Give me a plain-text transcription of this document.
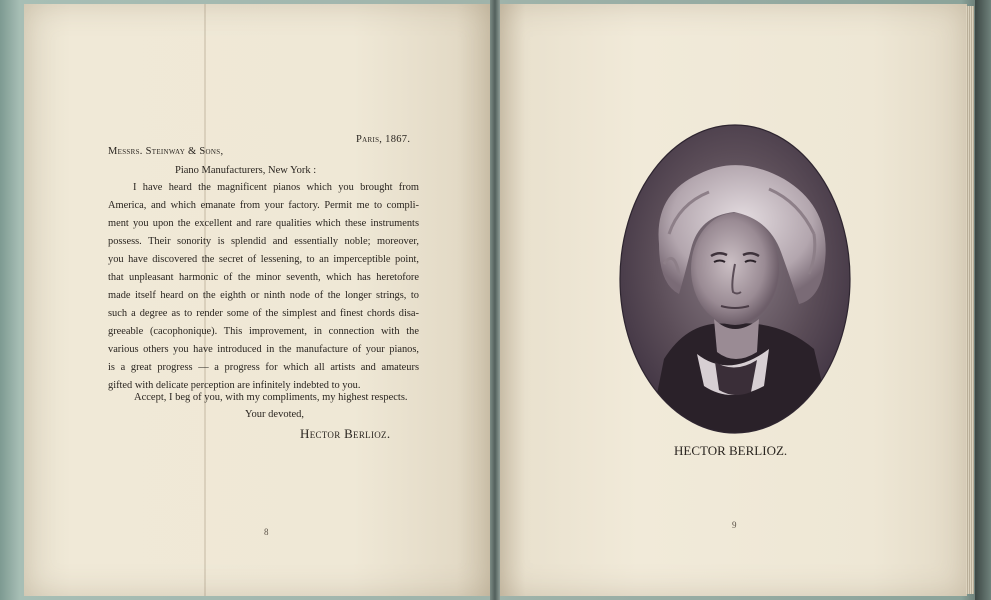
Paris, 1867.
Messrs. Steinway & Sons,
Piano Manufacturers, New York :
I have heard the magnificent pianos which you brought from
America, and which emanate from your factory. Permit me to compli-
ment you upon the excellent and rare qualities which these instruments
possess. Their sonority is splendid and essentially noble; moreover,
you have discovered the secret of lessening, to an imperceptible point,
that unpleasant harmonic of the minor seventh, which has heretofore
made itself heard on the eighth or ninth node of the longer strings, to
such a degree as to render some of the simplest and finest chords disa-
greeable (cacophonique). This improvement, in connection with the
various others you have introduced in the manufacture of your pianos,
is a great progress — a progress for which all artists and amateurs
gifted with delicate perception are infinitely indebted to you.
Accept, I beg of you, with my compliments, my highest respects.
Your devoted,
Hector Berlioz.
8
HECTOR BERLIOZ.
9
